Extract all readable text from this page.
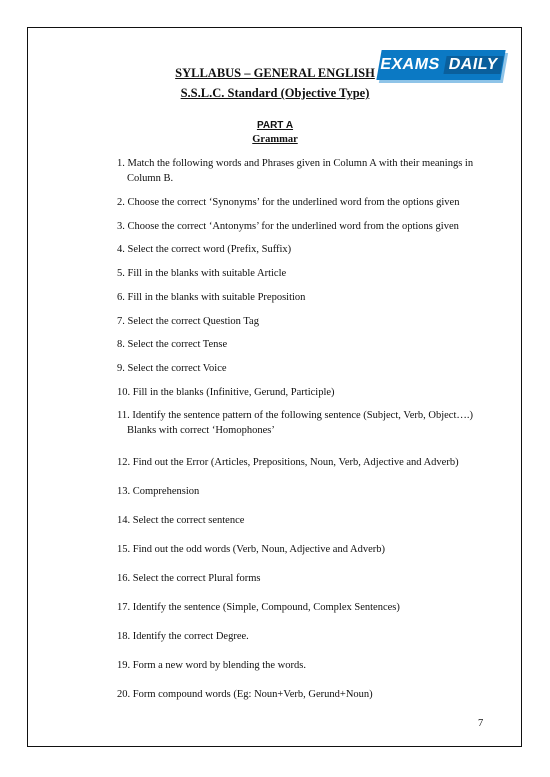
EXAMS DAILY
SYLLABUS – GENERAL ENGLISH
S.S.L.C. Standard (Objective Type)
PART A
Grammar
1. Match the following words and Phrases given in Column A with their meanings in
Column B.
2. Choose the correct ‘Synonyms’ for the underlined word from the options given
3. Choose the correct ‘Antonyms’ for the underlined word from the options given
4. Select the correct word (Prefix, Suffix)
5. Fill in the blanks with suitable Article
6. Fill in the blanks with suitable Preposition
7. Select the correct Question Tag
8. Select the correct Tense
9. Select the correct Voice
10. Fill in the blanks (Infinitive, Gerund, Participle)
11. Identify the sentence pattern of the following sentence (Subject, Verb, Object….)
Blanks with correct ‘Homophones’
12. Find out the Error (Articles, Prepositions, Noun, Verb, Adjective and Adverb)
13. Comprehension
14. Select the correct sentence
15. Find out the odd words (Verb, Noun, Adjective and Adverb)
16. Select the correct Plural forms
17. Identify the sentence (Simple, Compound, Complex Sentences)
18. Identify the correct Degree.
19. Form a new word by blending the words.
20. Form compound words (Eg: Noun+Verb, Gerund+Noun)
7
